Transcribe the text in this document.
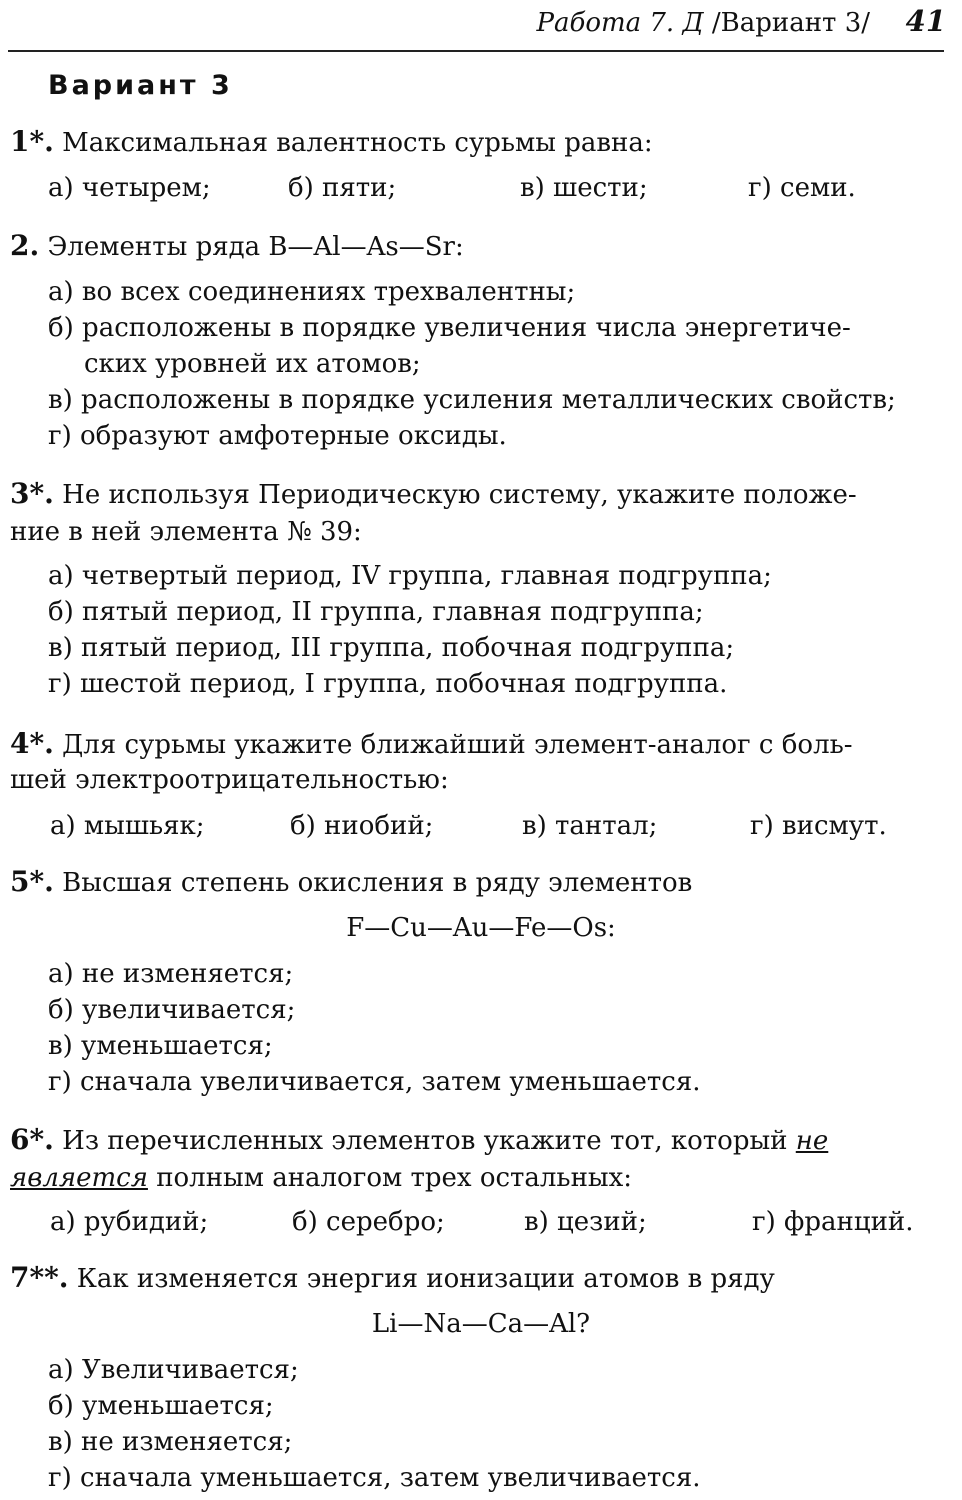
Работа 7. Д /Вариант 3/	41
Вариант 3
1*. Максимальная валентность сурьмы равна:
а) четырем;	б) пяти;	в) шести;	г) семи.
2. Элементы ряда B—Al—As—Sr:
а) во всех соединениях трехвалентны;
б) расположены в порядке увеличения числа энергетиче-
ских уровней их атомов;
в) расположены в порядке усиления металлических свойств;
г) образуют амфотерные оксиды.
3*. Не используя Периодическую систему, укажите положе-
ние в ней элемента № 39:
а) четвертый период, IV группа, главная подгруппа;
б) пятый период, II группа, главная подгруппа;
в) пятый период, III группа, побочная подгруппа;
г) шестой период, I группа, побочная подгруппа.
4*. Для сурьмы укажите ближайший элемент-аналог с боль-
шей электроотрицательностью:
а) мышьяк;	б) ниобий;	в) тантал;	г) висмут.
5*. Высшая степень окисления в ряду элементов
F—Cu—Au—Fe—Os:
а) не изменяется;
б) увеличивается;
в) уменьшается;
г) сначала увеличивается, затем уменьшается.
6*. Из перечисленных элементов укажите тот, который не
является полным аналогом трех остальных:
а) рубидий;	б) серебро;	в) цезий;	г) франций.
7**. Как изменяется энергия ионизации атомов в ряду
Li—Na—Ca—Al?
а) Увеличивается;
б) уменьшается;
в) не изменяется;
г) сначала уменьшается, затем увеличивается.
